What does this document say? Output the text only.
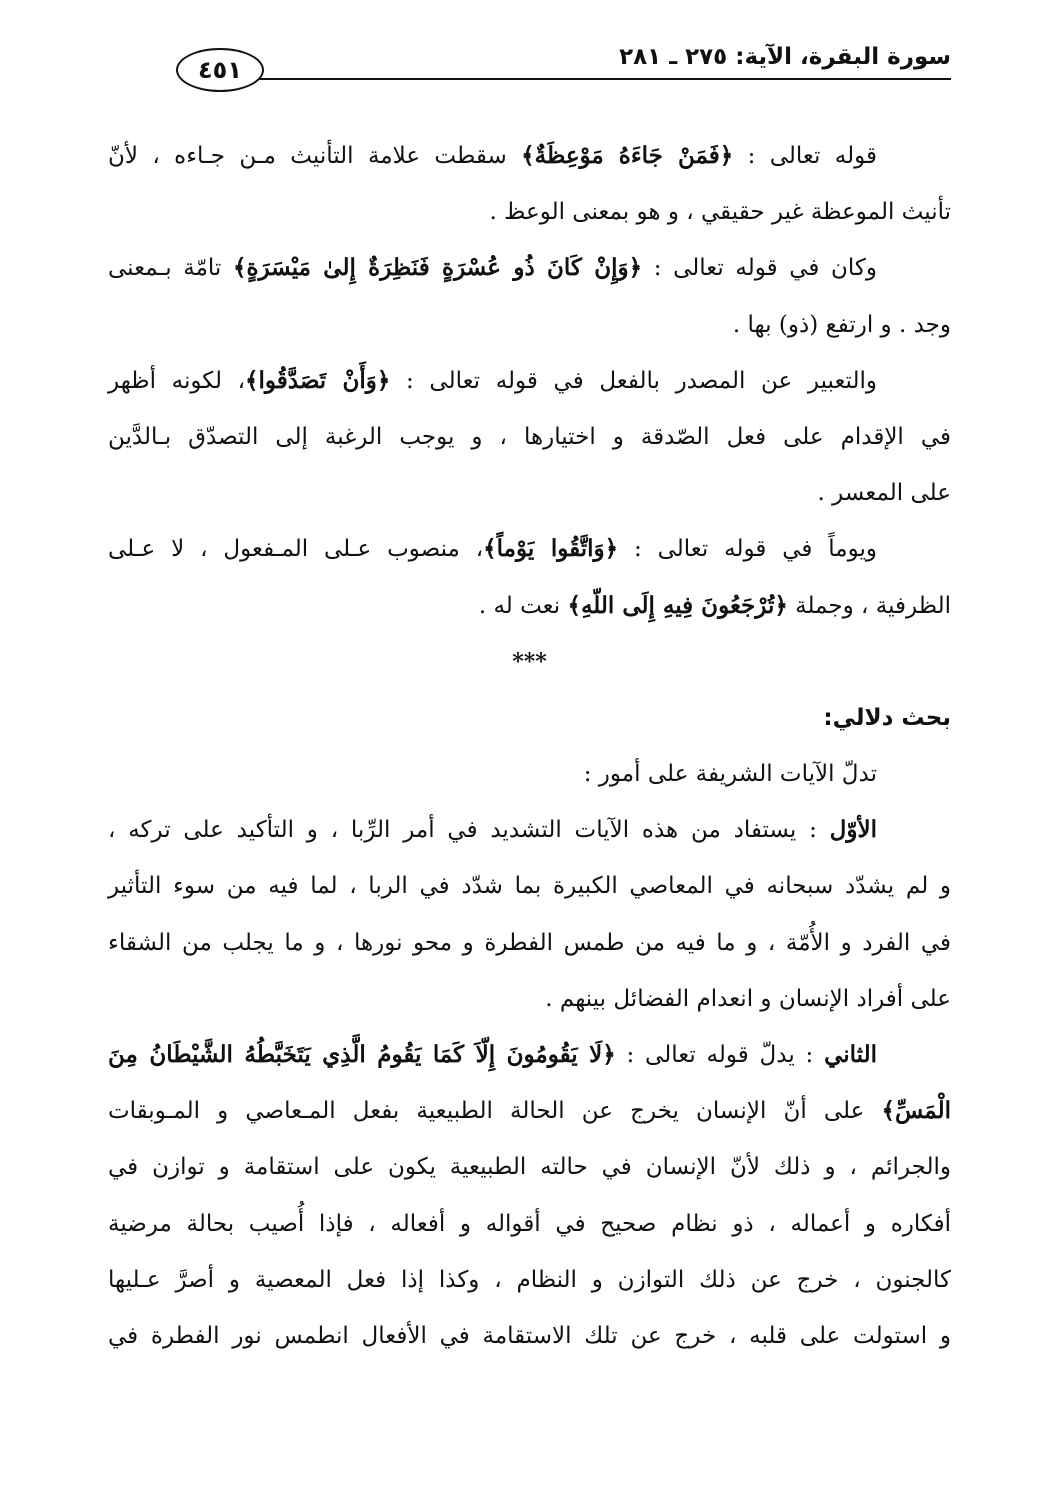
سورة البقرة، الآية: ٢٧٥ ـ ٢٨١
٤٥١
قوله تعالى : ﴿فَمَنْ جَاءَهُ مَوْعِظَةٌ﴾ سقطت علامة التأنيث مـن جـاءه ، لأنّ
تأنيث الموعظة غير حقيقي ، و هو بمعنى الوعظ .
وكان في قوله تعالى : ﴿وَإِنْ كَانَ ذُو عُسْرَةٍ فَنَظِرَةٌ إِلىٰ مَيْسَرَةٍ﴾ تامّة بـمعنى
وجد . و ارتفع (ذو) بها .
والتعبير عن المصدر بالفعل في قوله تعالى : ﴿وَأَنْ تَصَدَّقُوا﴾، لكونه أظهر
في الإقدام على فعل الصّدقة و اختيارها ، و يوجب الرغبة إلى التصدّق بـالدَّين
على المعسر .
ويوماً في قوله تعالى : ﴿وَاتَّقُوا يَوْماً﴾، منصوب عـلى المـفعول ، لا عـلى
الظرفية ، وجملة ﴿تُرْجَعُونَ فِيهِ إِلَى اللّهِ﴾ نعت له .
***
بحث دلالي:
تدلّ الآيات الشريفة على أمور :
الأوّل : يستفاد من هذه الآيات التشديد في أمر الرِّبا ، و التأكيد على تركه ،
و لم يشدّد سبحانه في المعاصي الكبيرة بما شدّد في الربا ، لما فيه من سوء التأثير
في الفرد و الأُمّة ، و ما فيه من طمس الفطرة و محو نورها ، و ما يجلب من الشقاء
على أفراد الإنسان و انعدام الفضائل بينهم .
الثاني : يدلّ قوله تعالى : ﴿لَا يَقُومُونَ إِلّاَ كَمَا يَقُومُ الَّذِي يَتَخَبَّطُهُ الشَّيْطَانُ مِنَ
الْمَسِّ﴾ على أنّ الإنسان يخرج عن الحالة الطبيعية بفعل المـعاصي و المـوبقات
والجرائم ، و ذلك لأنّ الإنسان في حالته الطبيعية يكون على استقامة و توازن في
أفكاره و أعماله ، ذو نظام صحيح في أقواله و أفعاله ، فإذا أُصيب بحالة مرضية
كالجنون ، خرج عن ذلك التوازن و النظام ، وكذا إذا فعل المعصية و أصرَّ عـليها
و استولت على قلبه ، خرج عن تلك الاستقامة في الأفعال انطمس نور الفطرة في
